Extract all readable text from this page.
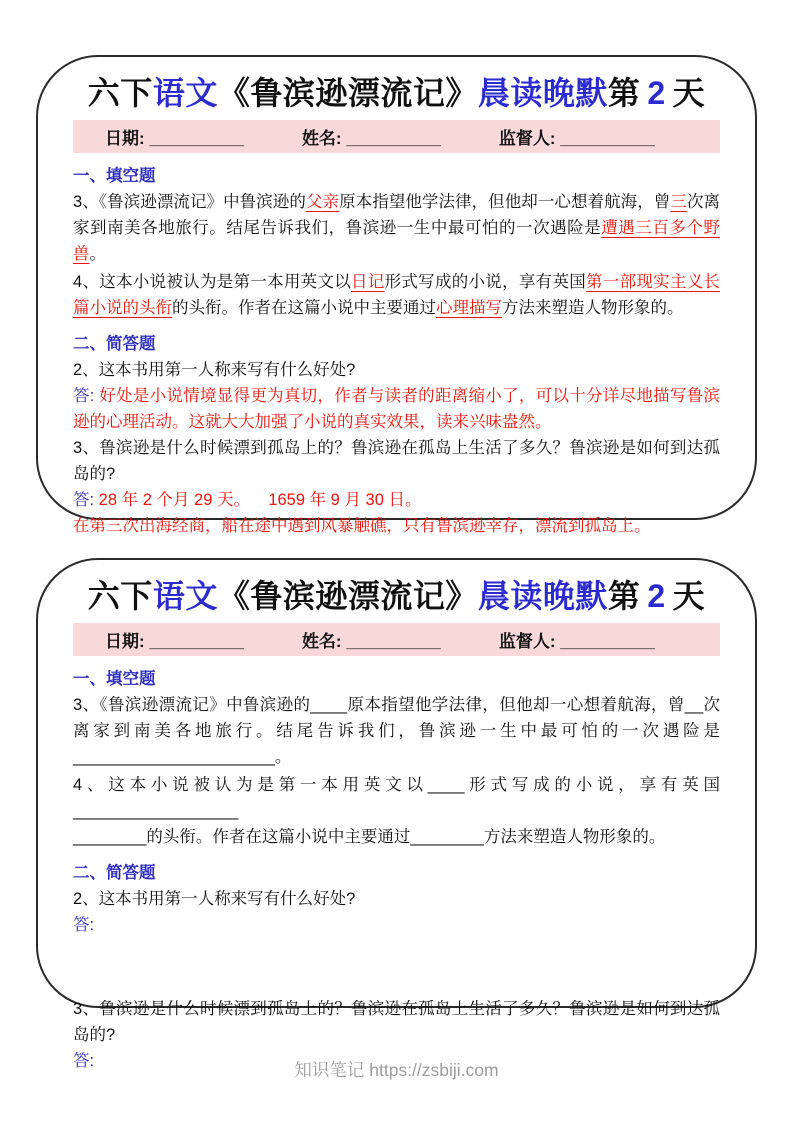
六下语文《鲁滨逊漂流记》晨读晚默第 2 天
日期: __________	姓名: __________	监督人: __________
一、填空题
3、《鲁滨逊漂流记》中鲁滨逊的父亲原本指望他学法律，但他却一心想着航海，曾三次离家到南美各地旅行。结尾告诉我们，鲁滨逊一生中最可怕的一次遇险是遭遇三百多个野兽。
4、这本小说被认为是第一本用英文以日记形式写成的小说，享有英国第一部现实主义长篇小说的头衔的头衔。作者在这篇小说中主要通过心理描写方法来塑造人物形象的。
二、简答题
2、这本书用第一人称来写有什么好处?
答: 好处是小说情境显得更为真切，作者与读者的距离缩小了，可以十分详尽地描写鲁滨逊的心理活动。这就大大加强了小说的真实效果，读来兴味盎然。
3、鲁滨逊是什么时候漂到孤岛上的？鲁滨逊在孤岛上生活了多久？鲁滨逊是如何到达孤岛的?
答: 28 年 2 个月 29 天。    1659 年 9 月 30 日。
在第三次出海经商，船在途中遇到风暴触礁，只有鲁滨逊幸存，漂流到孤岛上。
六下语文《鲁滨逊漂流记》晨读晚默第 2 天
日期: __________	姓名: __________	监督人: __________
一、填空题
3、《鲁滨逊漂流记》中鲁滨逊的____原本指望他学法律，但他却一心想着航海，曾__次离家到南美各地旅行。结尾告诉我们，鲁滨逊一生中最可怕的一次遇险是______________________。
4、这本小说被认为是第一本用英文以____形式写成的小说，享有英国__________________
________的头衔。作者在这篇小说中主要通过________方法来塑造人物形象的。
二、简答题
2、这本书用第一人称来写有什么好处?
答:
3、鲁滨逊是什么时候漂到孤岛上的？鲁滨逊在孤岛上生活了多久？鲁滨逊是如何到达孤岛的?
答:	知识笔记 https://zsbiji.com
